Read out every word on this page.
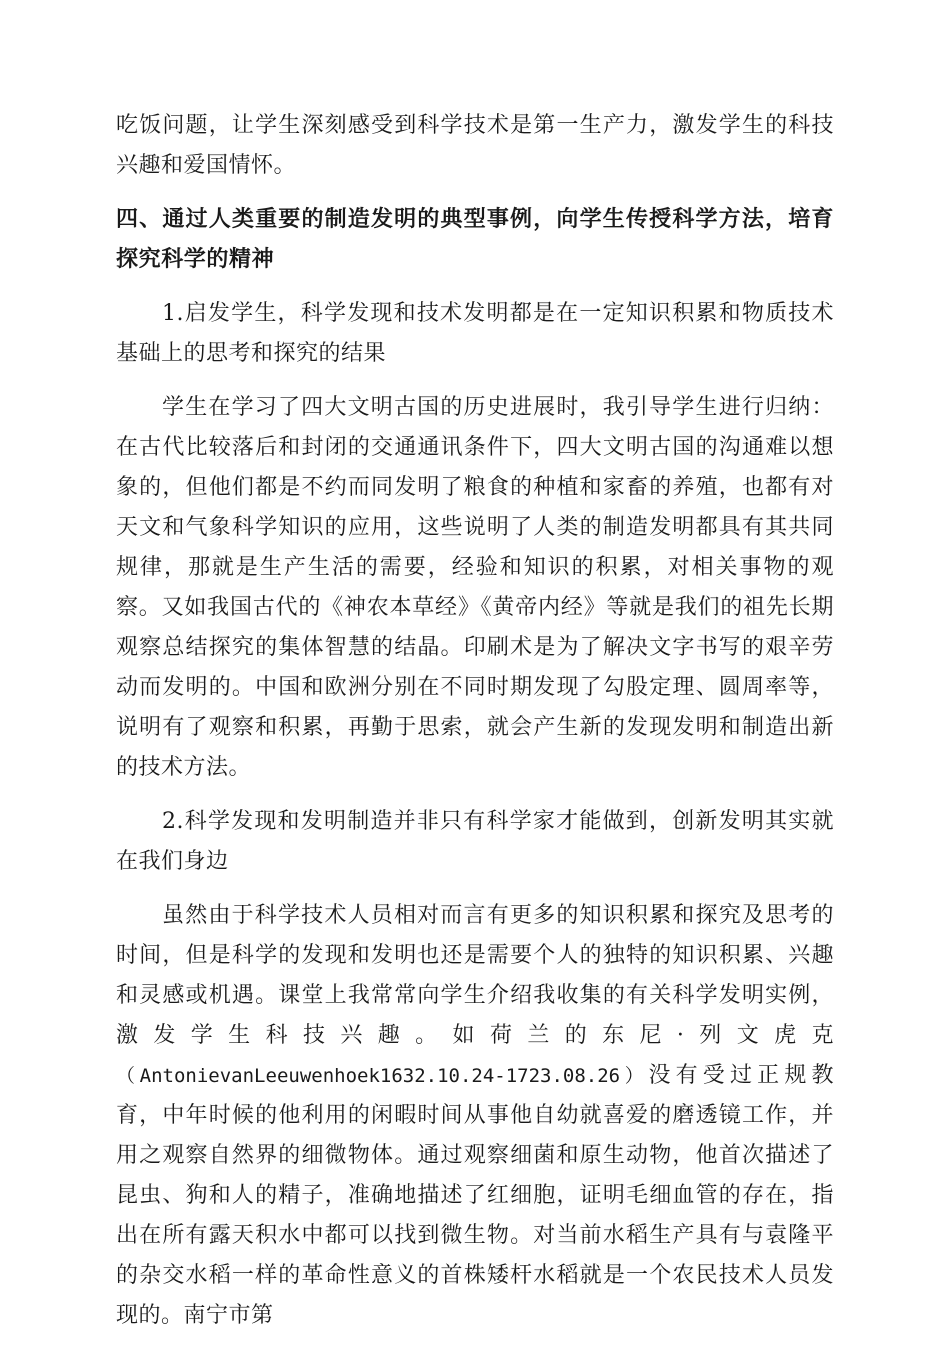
吃饭问题，让学生深刻感受到科学技术是第一生产力，激发学生的科技兴趣和爱国情怀。

四、通过人类重要的制造发明的典型事例，向学生传授科学方法，培育探究科学的精神

1.启发学生，科学发现和技术发明都是在一定知识积累和物质技术基础上的思考和探究的结果

学生在学习了四大文明古国的历史进展时，我引导学生进行归纳：在古代比较落后和封闭的交通通讯条件下，四大文明古国的沟通难以想象的，但他们都是不约而同发明了粮食的种植和家畜的养殖，也都有对天文和气象科学知识的应用，这些说明了人类的制造发明都具有其共同规律，那就是生产生活的需要，经验和知识的积累，对相关事物的观察。又如我国古代的《神农本草经》《黄帝内经》等就是我们的祖先长期观察总结探究的集体智慧的结晶。印刷术是为了解决文字书写的艰辛劳动而发明的。中国和欧洲分别在不同时期发现了勾股定理、圆周率等，说明有了观察和积累，再勤于思索，就会产生新的发现发明和制造出新的技术方法。

2.科学发现和发明制造并非只有科学家才能做到，创新发明其实就在我们身边

虽然由于科学技术人员相对而言有更多的知识积累和探究及思考的时间，但是科学的发现和发明也还是需要个人的独特的知识积累、兴趣和灵感或机遇。课堂上我常常向学生介绍我收集的有关科学发明实例，激发学生科技兴趣。如荷兰的东尼·列文虎克（AntonievanLeeuwenhoek1632.10.24-1723.08.26）没有受过正规教育，中年时候的他利用的闲暇时间从事他自幼就喜爱的磨透镜工作，并用之观察自然界的细微物体。通过观察细菌和原生动物，他首次描述了昆虫、狗和人的精子，准确地描述了红细胞，证明毛细血管的存在，指出在所有露天积水中都可以找到微生物。对当前水稻生产具有与袁隆平的杂交水稻一样的革命性意义的首株矮杆水稻就是一个农民技术人员发现的。南宁市第
